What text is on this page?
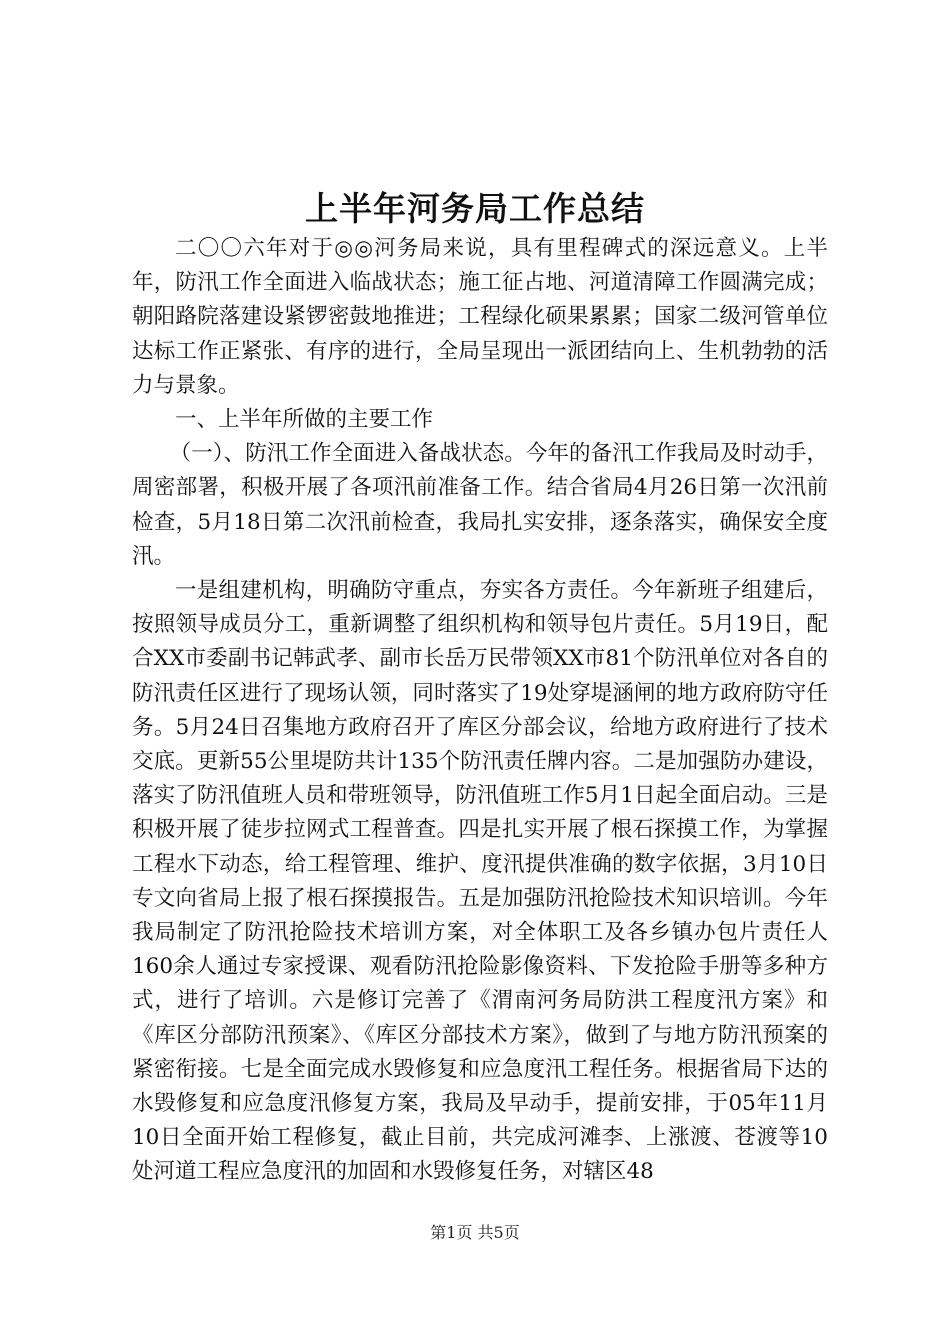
上半年河务局工作总结

二〇〇六年对于◎◎河务局来说，具有里程碑式的深远意义。上半年，防汛工作全面进入临战状态；施工征占地、河道清障工作圆满完成；朝阳路院落建设紧锣密鼓地推进；工程绿化硕果累累；国家二级河管单位达标工作正紧张、有序的进行，全局呈现出一派团结向上、生机勃勃的活力与景象。

一、上半年所做的主要工作

（一）、防汛工作全面进入备战状态。今年的备汛工作我局及时动手，周密部署，积极开展了各项汛前准备工作。结合省局4月26日第一次汛前检查，5月18日第二次汛前检查，我局扎实安排，逐条落实，确保安全度汛。

一是组建机构，明确防守重点，夯实各方责任。今年新班子组建后，按照领导成员分工，重新调整了组织机构和领导包片责任。5月19日，配合XX市委副书记韩武孝、副市长岳万民带领XX市81个防汛单位对各自的防汛责任区进行了现场认领，同时落实了19处穿堤涵闸的地方政府防守任务。5月24日召集地方政府召开了库区分部会议，给地方政府进行了技术交底。更新55公里堤防共计135个防汛责任牌内容。二是加强防办建设，落实了防汛值班人员和带班领导，防汛值班工作5月1日起全面启动。三是积极开展了徒步拉网式工程普查。四是扎实开展了根石探摸工作，为掌握工程水下动态，给工程管理、维护、度汛提供准确的数字依据，3月10日专文向省局上报了根石探摸报告。五是加强防汛抢险技术知识培训。今年我局制定了防汛抢险技术培训方案，对全体职工及各乡镇办包片责任人160余人通过专家授课、观看防汛抢险影像资料、下发抢险手册等多种方式，进行了培训。六是修订完善了《渭南河务局防洪工程度汛方案》和《库区分部防汛预案》、《库区分部技术方案》，做到了与地方防汛预案的紧密衔接。七是全面完成水毁修复和应急度汛工程任务。根据省局下达的水毁修复和应急度汛修复方案，我局及早动手，提前安排，于05年11月10日全面开始工程修复，截止目前，共完成河滩李、上涨渡、苍渡等10处河道工程应急度汛的加固和水毁修复任务，对辖区48

第1页 共5页
